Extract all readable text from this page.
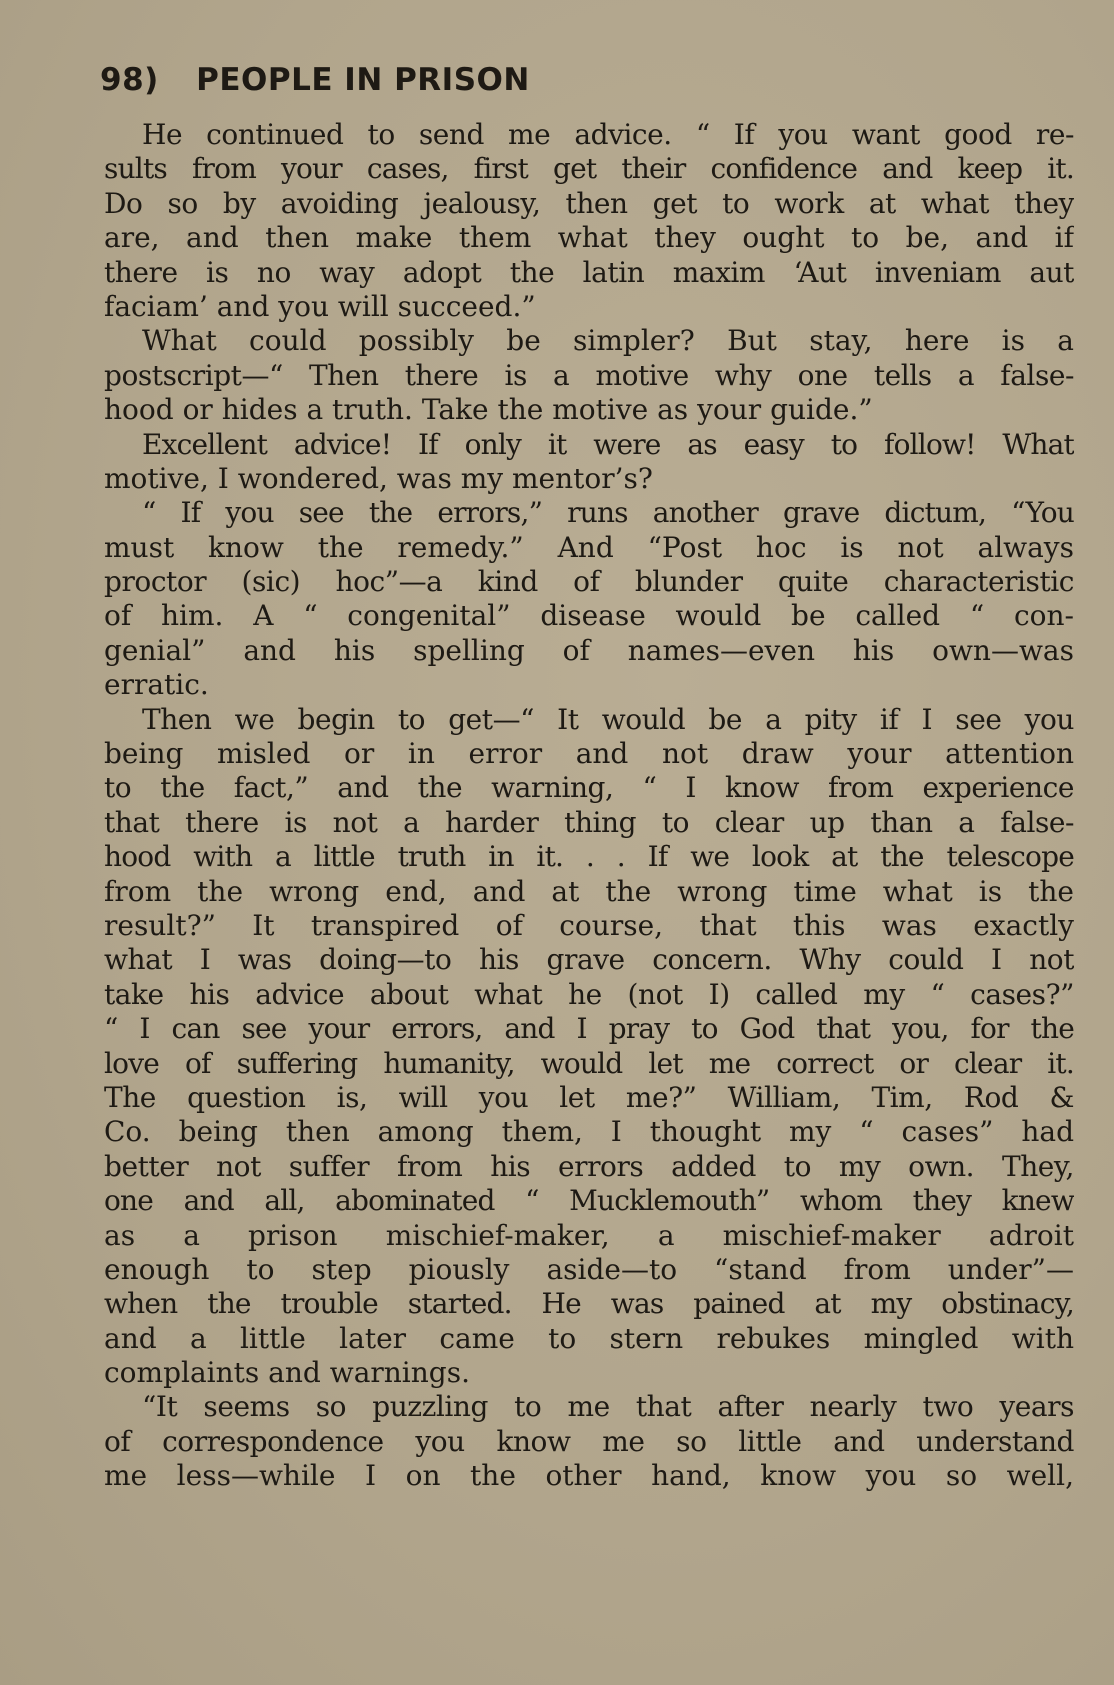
98) PEOPLE IN PRISON
He continued to send me advice. “ If you want good re-
sults from your cases, first get their confidence and keep it.
Do so by avoiding jealousy, then get to work at what they
are, and then make them what they ought to be, and if
there is no way adopt the latin maxim ‘Aut inveniam aut
faciam’ and you will succeed.”
What could possibly be simpler? But stay, here is a
postscript—“ Then there is a motive why one tells a false-
hood or hides a truth. Take the motive as your guide.”
Excellent advice! If only it were as easy to follow! What
motive, I wondered, was my mentor’s?
“ If you see the errors,” runs another grave dictum, “You
must know the remedy.” And “Post hoc is not always
proctor (sic) hoc”—a kind of blunder quite characteristic
of him. A “ congenital” disease would be called “ con-
genial” and his spelling of names—even his own—was
erratic.
Then we begin to get—“ It would be a pity if I see you
being misled or in error and not draw your attention
to the fact,” and the warning, “ I know from experience
that there is not a harder thing to clear up than a false-
hood with a little truth in it. . . If we look at the telescope
from the wrong end, and at the wrong time what is the
result?” It transpired of course, that this was exactly
what I was doing—to his grave concern. Why could I not
take his advice about what he (not I) called my “ cases?”
“ I can see your errors, and I pray to God that you, for the
love of suffering humanity, would let me correct or clear it.
The question is, will you let me?” William, Tim, Rod &
Co. being then among them, I thought my “ cases” had
better not suffer from his errors added to my own. They,
one and all, abominated “ Mucklemouth” whom they knew
as a prison mischief-maker, a mischief-maker adroit
enough to step piously aside—to “stand from under”—
when the trouble started. He was pained at my obstinacy,
and a little later came to stern rebukes mingled with
complaints and warnings.
“It seems so puzzling to me that after nearly two years
of correspondence you know me so little and understand
me less—while I on the other hand, know you so well,
